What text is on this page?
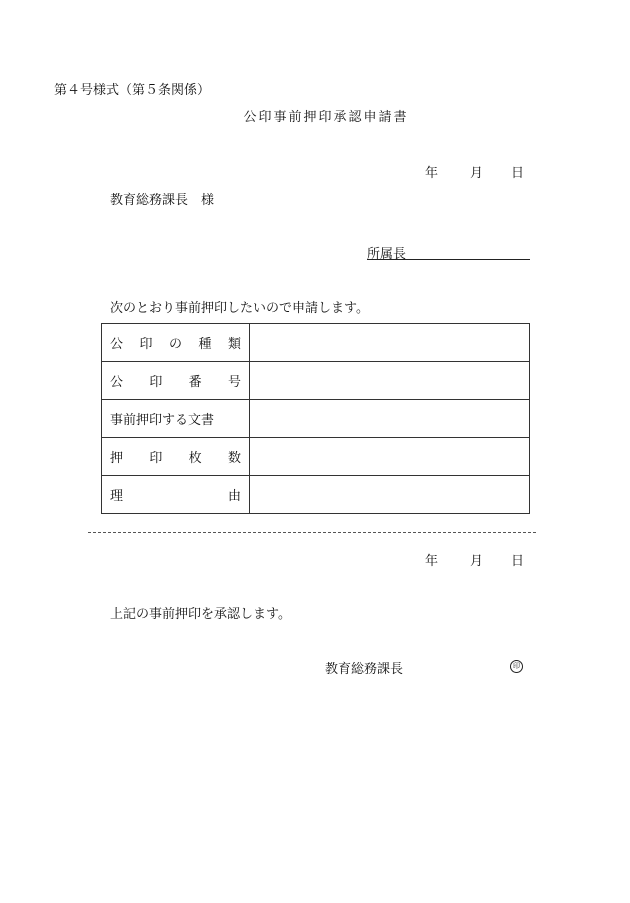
第４号様式（第５条関係）
公印事前押印承認申請書
年 月 日
教育総務課長　様
所属長
次のとおり事前押印したいので申請します。
公 印 の 種 類	

公 印 番 号	

事前押印する文書	

押 印 枚 数	

理 由	

年 月 日
上記の事前押印を承認します。
教育総務課長	印
